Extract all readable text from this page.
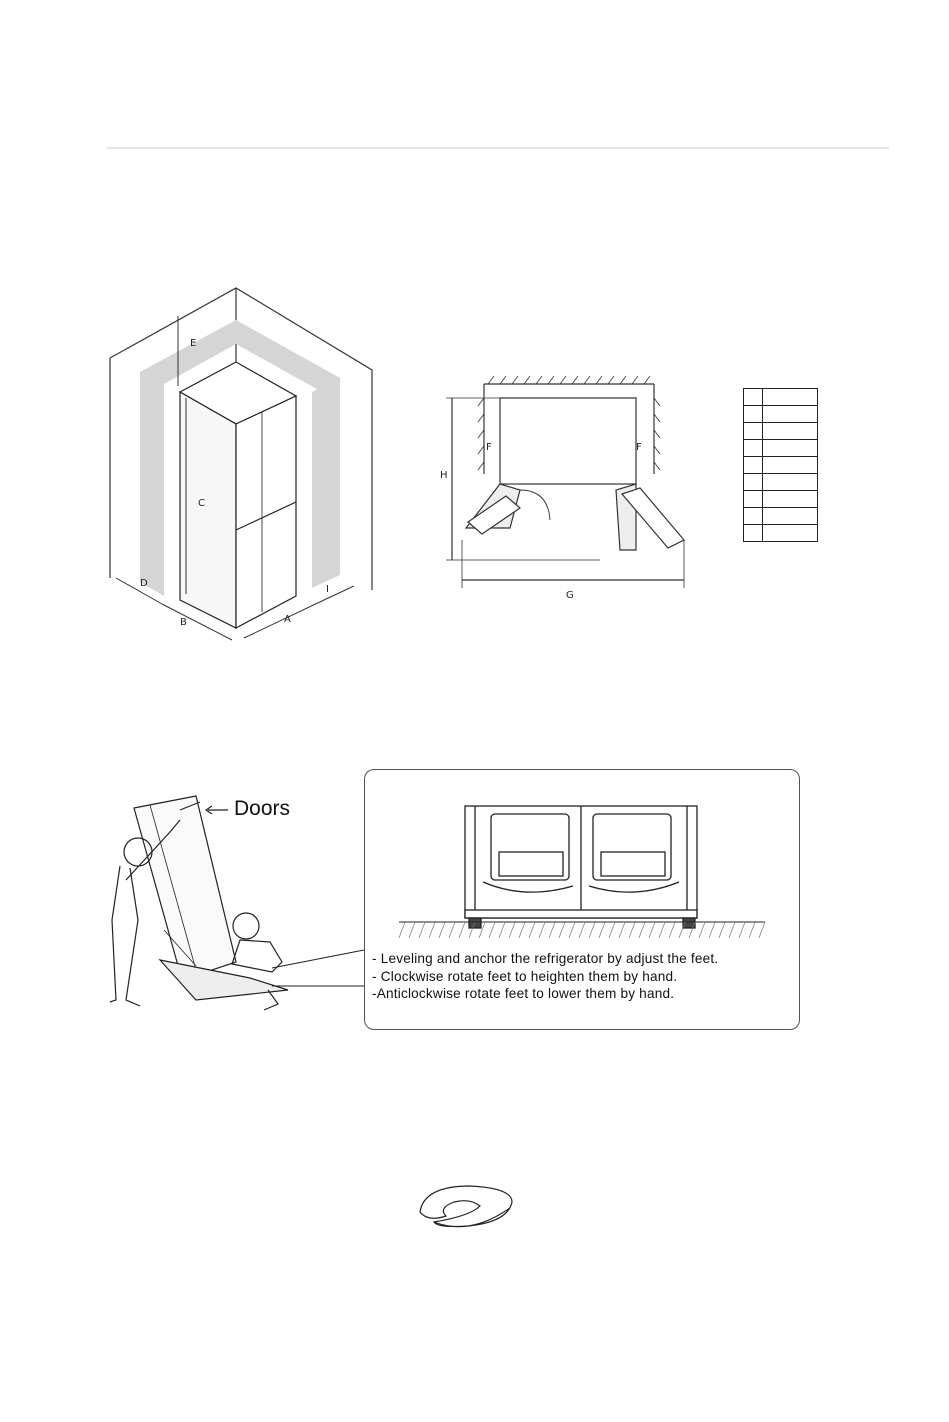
E
C
D
B	A
I
F	F
H
G
Doors
- Leveling and anchor the refrigerator by adjust the feet.
- Clockwise rotate feet to heighten them by hand.
-Anticlockwise rotate feet to lower them by hand.
